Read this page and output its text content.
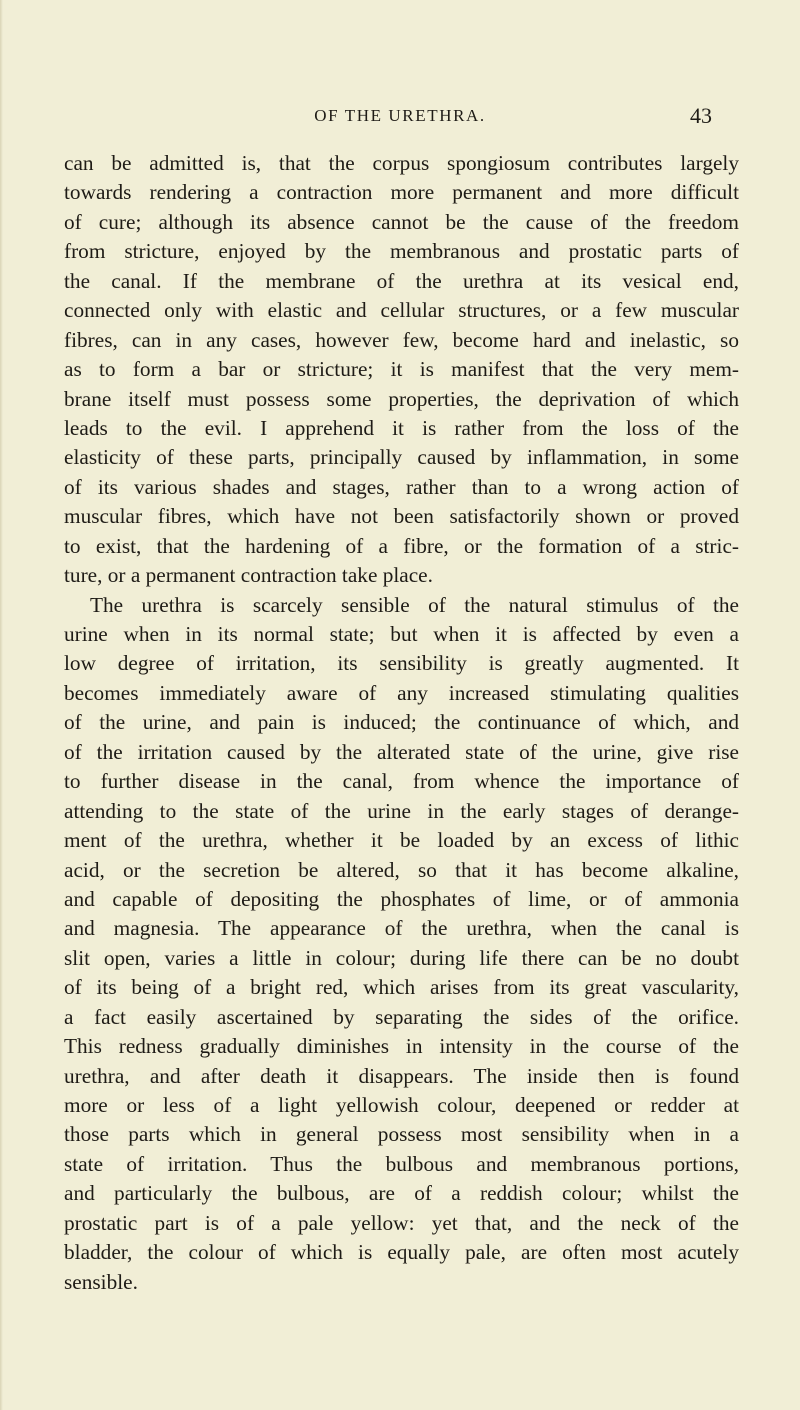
OF THE URETHRA.	43
can be admitted is, that the corpus spongiosum contributes largely
towards rendering a contraction more permanent and more difficult
of cure; although its absence cannot be the cause of the freedom
from stricture, enjoyed by the membranous and prostatic parts of
the canal. If the membrane of the urethra at its vesical end,
connected only with elastic and cellular structures, or a few muscular
fibres, can in any cases, however few, become hard and inelastic, so
as to form a bar or stricture; it is manifest that the very mem-
brane itself must possess some properties, the deprivation of which
leads to the evil. I apprehend it is rather from the loss of the
elasticity of these parts, principally caused by inflammation, in some
of its various shades and stages, rather than to a wrong action of
muscular fibres, which have not been satisfactorily shown or proved
to exist, that the hardening of a fibre, or the formation of a stric-
ture, or a permanent contraction take place.
The urethra is scarcely sensible of the natural stimulus of the
urine when in its normal state; but when it is affected by even a
low degree of irritation, its sensibility is greatly augmented. It
becomes immediately aware of any increased stimulating qualities
of the urine, and pain is induced; the continuance of which, and
of the irritation caused by the alterated state of the urine, give rise
to further disease in the canal, from whence the importance of
attending to the state of the urine in the early stages of derange-
ment of the urethra, whether it be loaded by an excess of lithic
acid, or the secretion be altered, so that it has become alkaline,
and capable of depositing the phosphates of lime, or of ammonia
and magnesia. The appearance of the urethra, when the canal is
slit open, varies a little in colour; during life there can be no doubt
of its being of a bright red, which arises from its great vascularity,
a fact easily ascertained by separating the sides of the orifice.
This redness gradually diminishes in intensity in the course of the
urethra, and after death it disappears. The inside then is found
more or less of a light yellowish colour, deepened or redder at
those parts which in general possess most sensibility when in a
state of irritation. Thus the bulbous and membranous portions,
and particularly the bulbous, are of a reddish colour; whilst the
prostatic part is of a pale yellow: yet that, and the neck of the
bladder, the colour of which is equally pale, are often most acutely
sensible.
